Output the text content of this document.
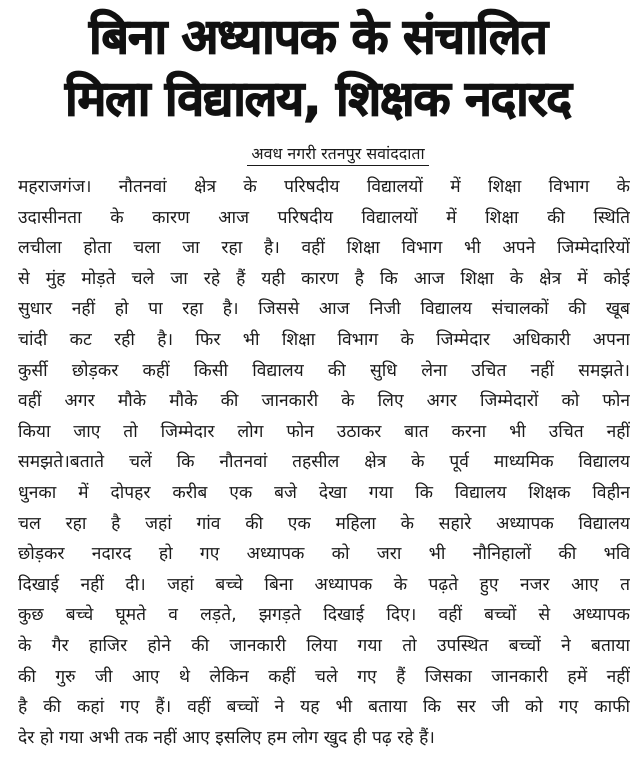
बिना अध्यापक के संचालित
मिला विद्यालय, शिक्षक नदारद
अवध नगरी रतनपुर सवांददाता
महराजगंज। नौतनवां क्षेत्र के परिषदीय विद्यालयों में शिक्षा विभाग के
उदासीनता के कारण आज परिषदीय विद्यालयों में शिक्षा की स्थिति
लचीला होता चला जा रहा है। वहीं शिक्षा विभाग भी अपने जिम्मेदारियों
से मुंह मोड़ते चले जा रहे हैं यही कारण है कि आज शिक्षा के क्षेत्र में कोई
सुधार नहीं हो पा रहा है। जिससे आज निजी विद्यालय संचालकों की खूब
चांदी कट रही है। फिर भी शिक्षा विभाग के जिम्मेदार अधिकारी अपना
कुर्सी छोड़कर कहीं किसी विद्यालय की सुधि लेना उचित नहीं समझते।
वहीं अगर मौके मौके की जानकारी के लिए अगर जिम्मेदारों को फोन
किया जाए तो जिम्मेदार लोग फोन उठाकर बात करना भी उचित नहीं
समझते।बताते चलें कि नौतनवां तहसील क्षेत्र के पूर्व माध्यमिक विद्यालय
धुनका में दोपहर करीब एक बजे देखा गया कि विद्यालय शिक्षक विहीन
चल रहा है जहां गांव की एक महिला के सहारे अध्यापक विद्यालय
छोड़कर नदारद हो गए अध्यापक को जरा भी नौनिहालों की भवि
दिखाई नहीं दी। जहां बच्चे बिना अध्यापक के पढ़ते हुए नजर आए त
कुछ बच्चे घूमते व लड़ते, झगड़ते दिखाई दिए। वहीं बच्चों से अध्यापक
के गैर हाजिर होने की जानकारी लिया गया तो उपस्थित बच्चों ने बताया
की गुरु जी आए थे लेकिन कहीं चले गए हैं जिसका जानकारी हमें नहीं
है की कहां गए हैं। वहीं बच्चों ने यह भी बताया कि सर जी को गए काफी
देर हो गया अभी तक नहीं आए इसलिए हम लोग खुद ही पढ़ रहे हैं।
